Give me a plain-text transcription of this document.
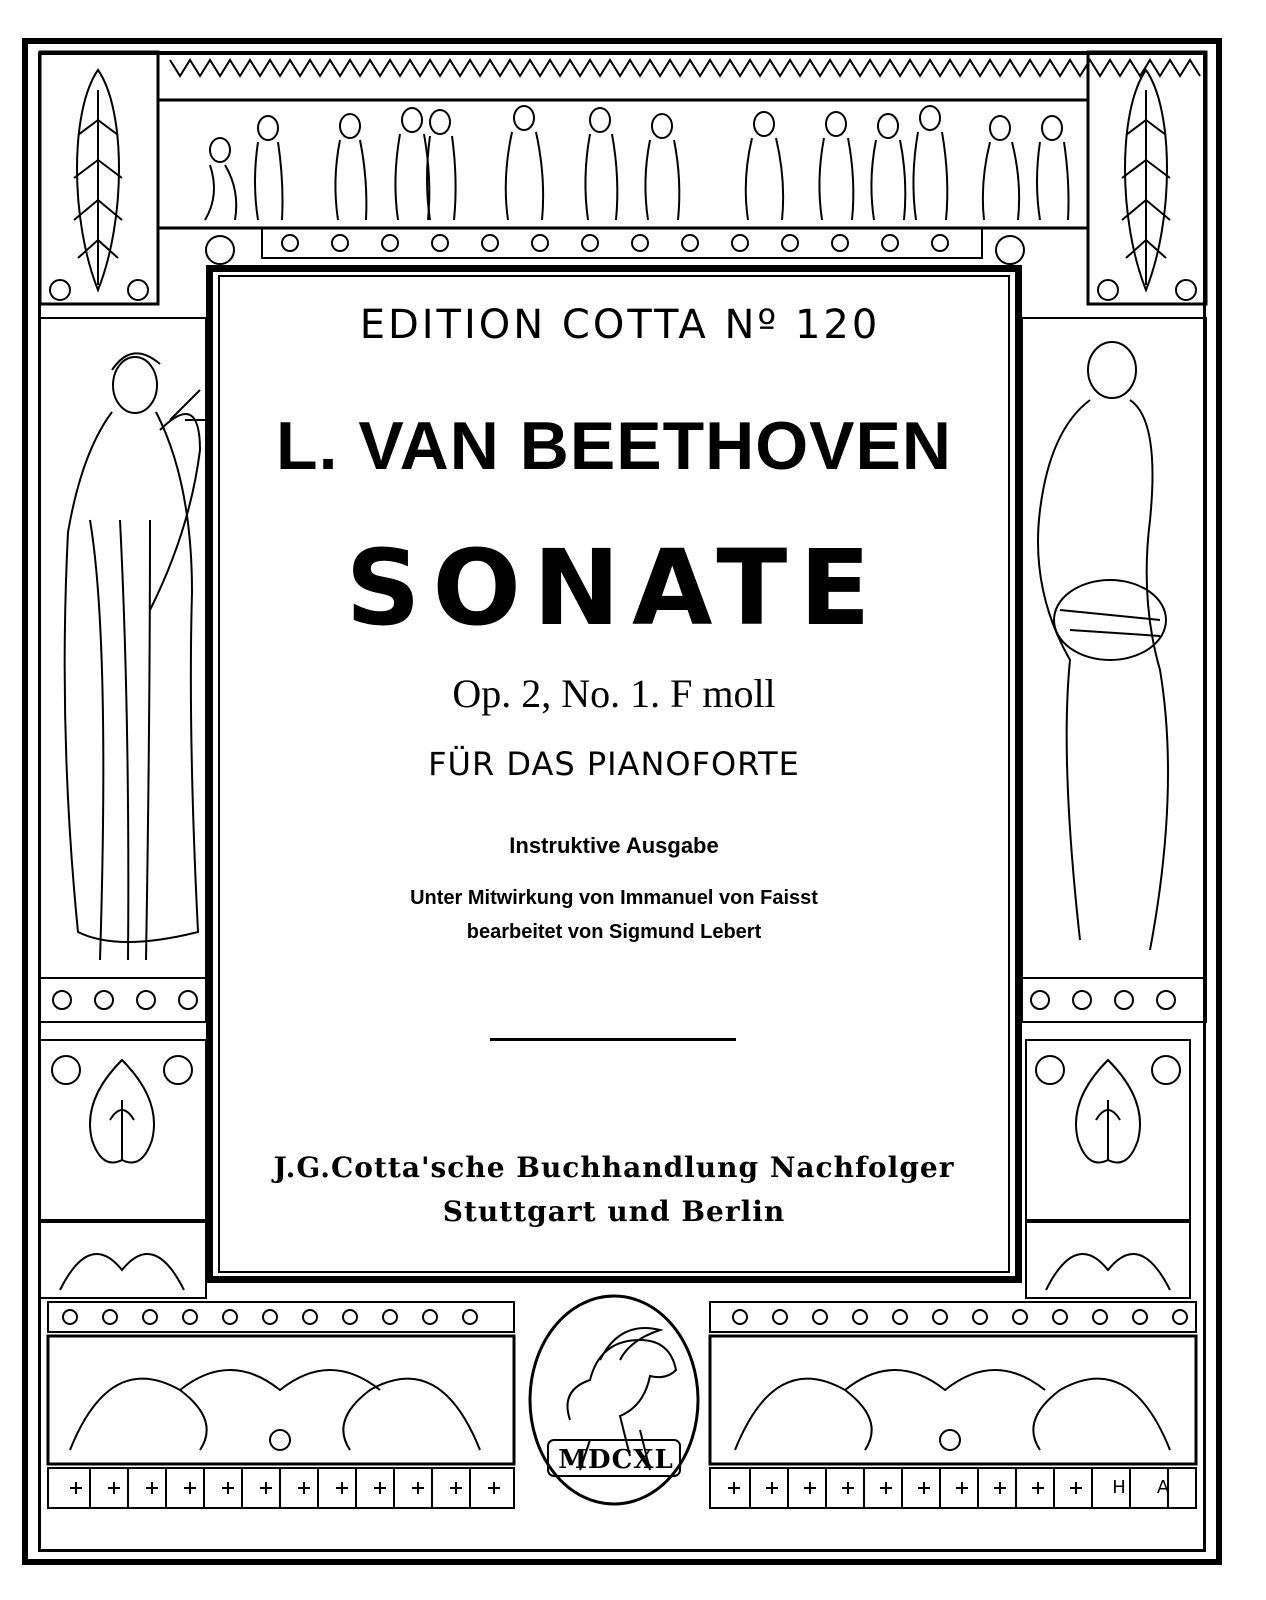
EDITION COTTA Nº 120
L. VAN BEETHOVEN
SONATE
Op. 2, No. 1. F moll
FÜR DAS PIANOFORTE
Instruktive Ausgabe
Unter Mitwirkung von Immanuel von Faisst
bearbeitet von Sigmund Lebert
J.G.Cotta'sche Buchhandlung Nachfolger
Stuttgart und Berlin
MDCXL
H	A
